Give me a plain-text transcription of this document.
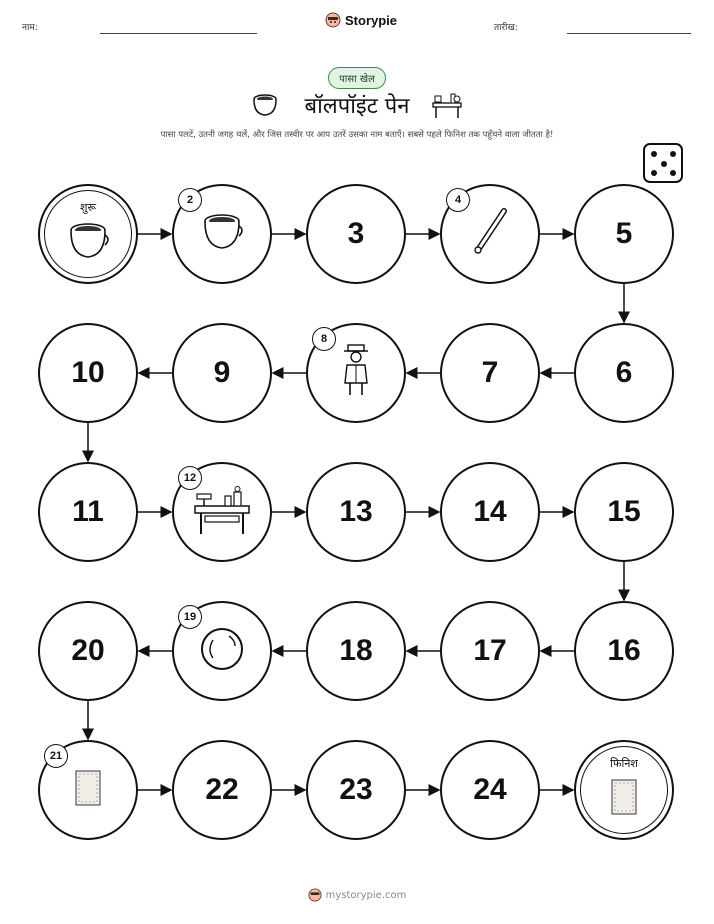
नाम:
Storypie
तारीख:
पासा खेल
बॉलपॉइंट पेन
पासा पलटें, उतनी जगह चलें, और जिस तस्वीर पर आप उतरें उसका नाम बताएँ। सबसे पहले फिनिश तक पहुँचने वाला जीतता है!
शुरू
2
3
4
5
6
7
8
9
10
11
12
13	14	15
16
17
18
19
20
21
22	23	24
फिनिश
mystorypie.com
